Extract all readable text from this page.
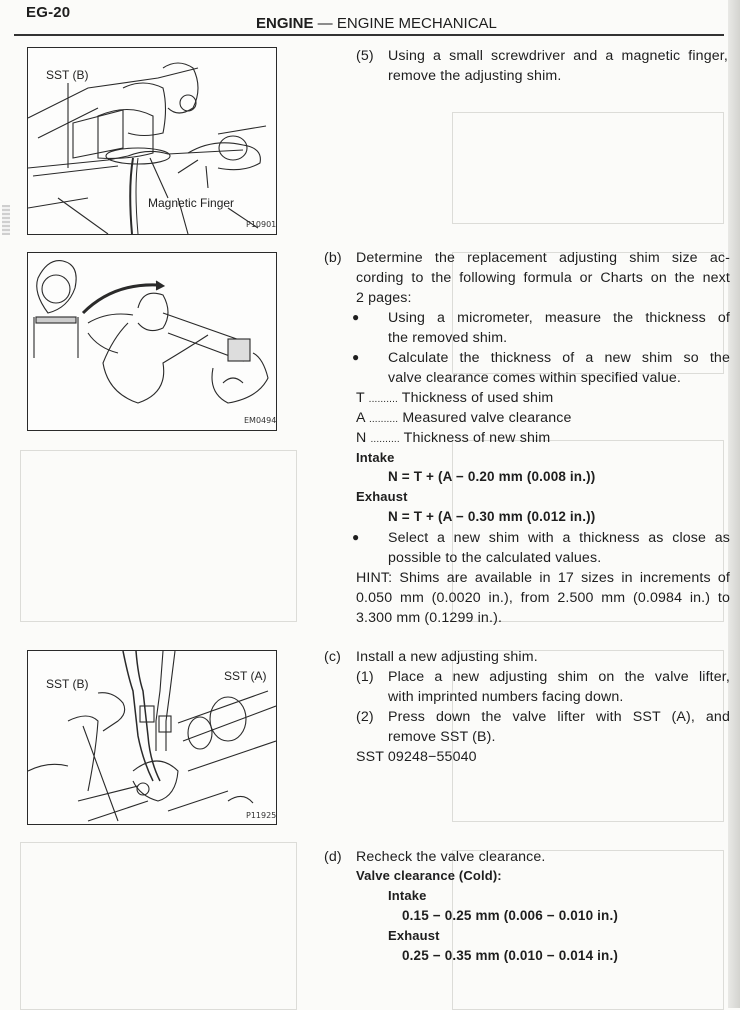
EG-20
ENGINE — ENGINE MECHANICAL
SST (B)
Magnetic Finger
P10901
EM0494
SST (B)
SST (A)
P11925
(5) Using a small screwdriver and a magnetic finger,
remove the adjusting shim.
(b) Determine the replacement adjusting shim size ac-
cording to the following formula or Charts on the next
2 pages:
● Using a micrometer, measure the thickness of
the removed shim.
● Calculate the thickness of a new shim so the
valve clearance comes within specified value.
T .......... Thickness of used shim
A .......... Measured valve clearance
N .......... Thickness of new shim
Intake
N = T + (A − 0.20 mm (0.008 in.))
Exhaust
N = T + (A − 0.30 mm (0.012 in.))
● Select a new shim with a thickness as close as
possible to the calculated values.
HINT: Shims are available in 17 sizes in increments of
0.050 mm (0.0020 in.), from 2.500 mm (0.0984 in.) to
3.300 mm (0.1299 in.).
(c) Install a new adjusting shim.
(1) Place a new adjusting shim on the valve lifter,
with imprinted numbers facing down.
(2) Press down the valve lifter with SST (A), and
remove SST (B).
SST 09248−55040
(d) Recheck the valve clearance.
Valve clearance (Cold):
Intake
0.15 − 0.25 mm (0.006 − 0.010 in.)
Exhaust
0.25 − 0.35 mm (0.010 − 0.014 in.)
